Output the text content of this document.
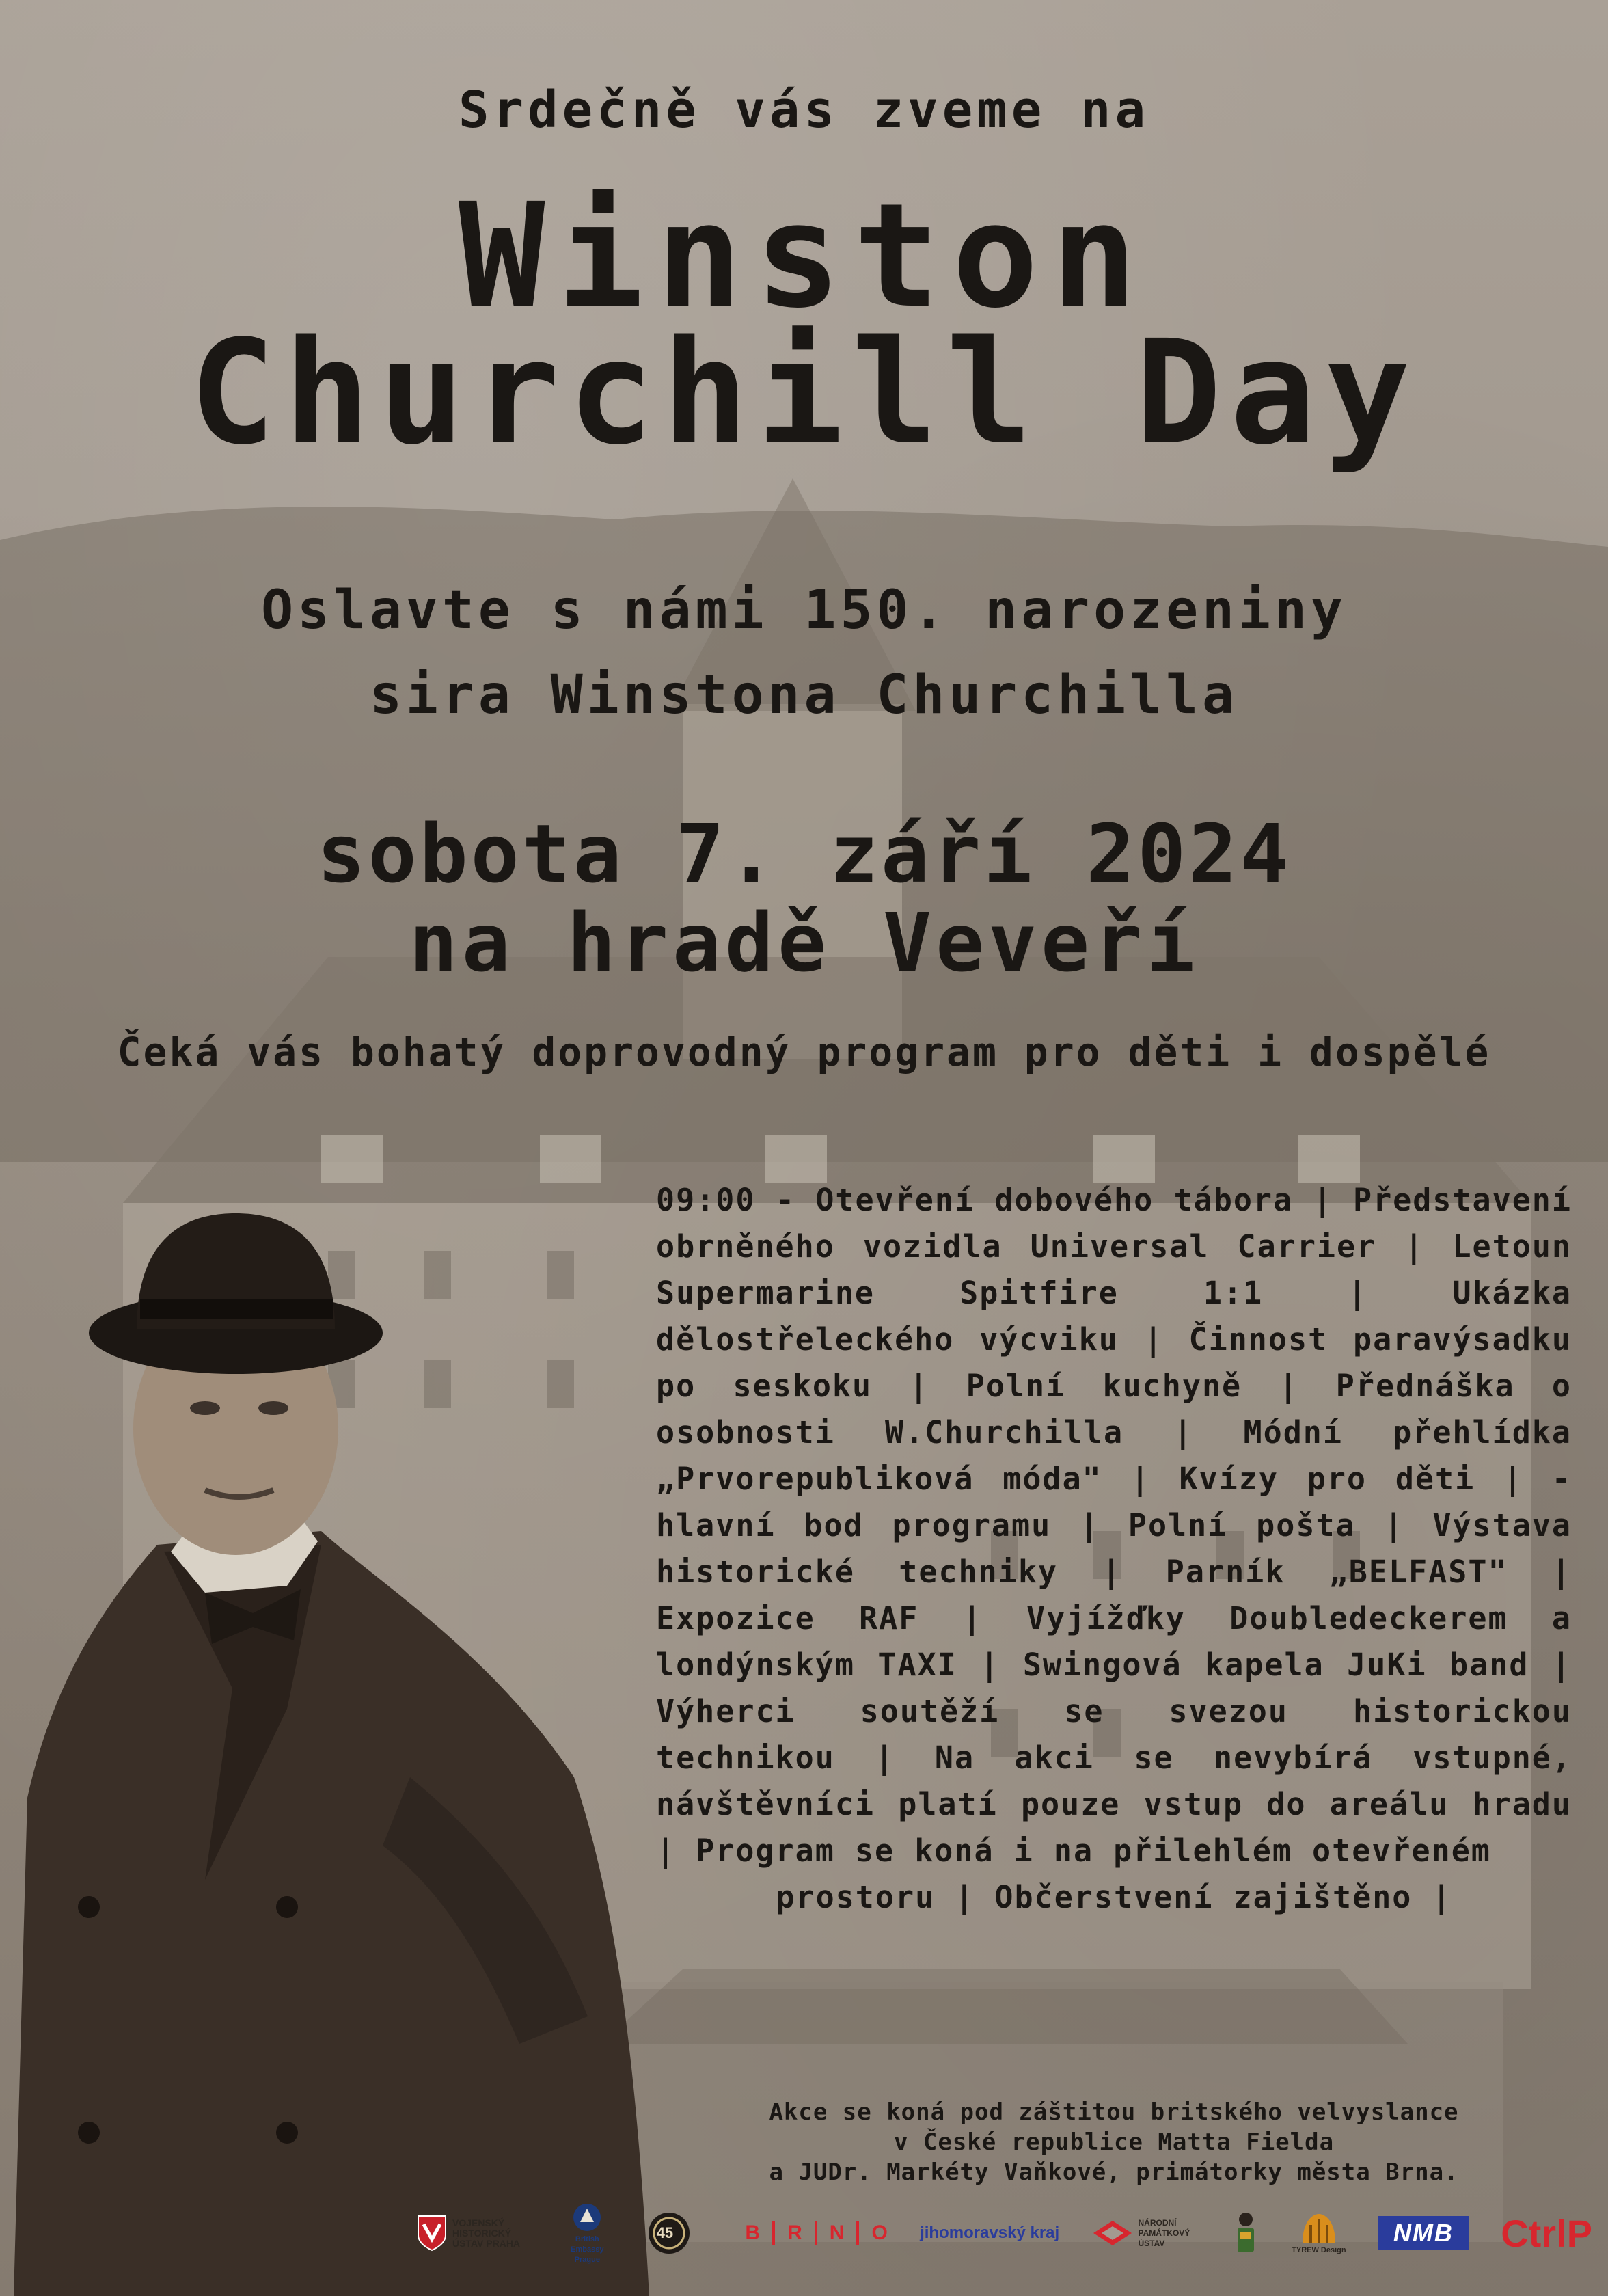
Srdečně vás zveme na
Winston
Churchill Day
Oslavte s námi 150. narozeniny
sira Winstona Churchilla
sobota 7. září 2024
na hradě Veveří
Čeká vás bohatý doprovodný program pro děti i dospělé
09:00 - Otevření dobového tábora | Představení obrněného vozidla Universal Carrier | Letoun Supermarine Spitfire 1:1 | Ukázka dělostřeleckého výcviku | Činnost paravýsadku po seskoku | Polní kuchyně | Přednáška o osobnosti W.Churchilla | Módní přehlídka „Prvorepubliková móda" | Kvízy pro děti | - hlavní bod programu | Polní pošta | Výstava historické techniky | Parník „BELFAST" | Expozice RAF | Vyjížďky Doubledeckerem a londýnským TAXI | Swingová kapela JuKi band | Výherci soutěží se svezou historickou technikou | Na akci se nevybírá vstupné, návštěvníci platí pouze vstup do areálu hradu | Program se koná i na přilehlém otevřeném
prostoru | Občerstvení zajištěno |
Akce se koná pod záštitou britského velvyslance
v České republice Matta Fielda
a JUDr. Markéty Vaňkové, primátorky města Brna.
VOJENSKÝ HISTORICKÝ ÚSTAV PRAHA	British Embassy Prague
45	B R N O jihomoravský kraj
NÁRODNÍ PAMÁTKOVÝ ÚSTAV
TYREW Design
NMB	CtrlP
